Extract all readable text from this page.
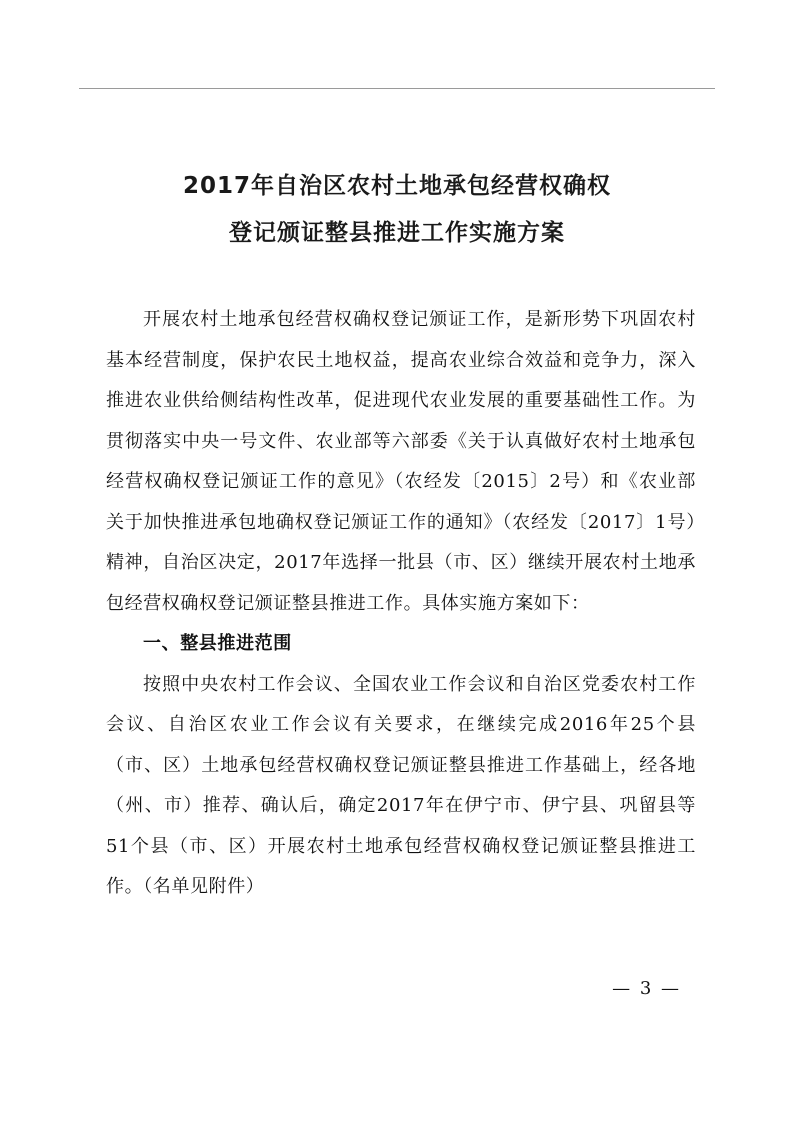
2017年自治区农村土地承包经营权确权
登记颁证整县推进工作实施方案

开展农村土地承包经营权确权登记颁证工作，是新形势下巩固农村基本经营制度，保护农民土地权益，提高农业综合效益和竞争力，深入推进农业供给侧结构性改革，促进现代农业发展的重要基础性工作。为贯彻落实中央一号文件、农业部等六部委《关于认真做好农村土地承包经营权确权登记颁证工作的意见》（农经发〔2015〕2号）和《农业部关于加快推进承包地确权登记颁证工作的通知》（农经发〔2017〕1号）精神，自治区决定，2017年选择一批县（市、区）继续开展农村土地承包经营权确权登记颁证整县推进工作。具体实施方案如下：

一、整县推进范围

按照中央农村工作会议、全国农业工作会议和自治区党委农村工作会议、自治区农业工作会议有关要求，在继续完成2016年25个县（市、区）土地承包经营权确权登记颁证整县推进工作基础上，经各地（州、市）推荐、确认后，确定2017年在伊宁市、伊宁县、巩留县等51个县（市、区）开展农村土地承包经营权确权登记颁证整县推进工作。（名单见附件）

— 3 —
